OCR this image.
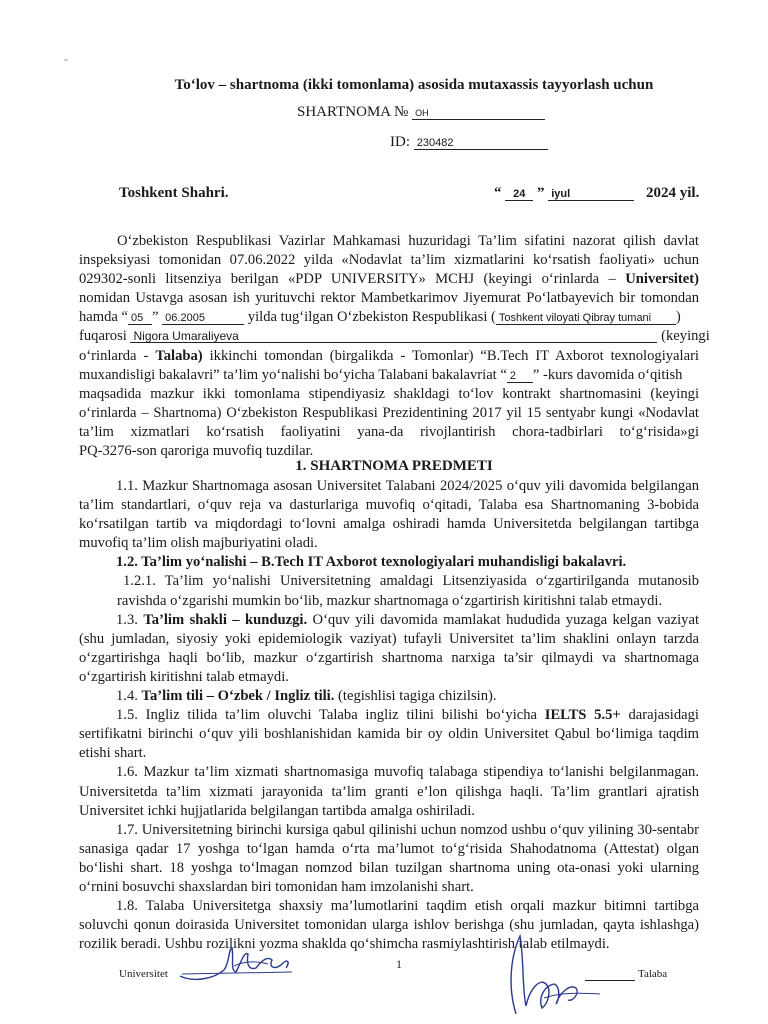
-
To‘lov – shartnoma (ikki tomonlama) asosida mutaxassis tayyorlash uchun
SHARTNOMA № OH
ID: 230482
Toshkent Shahri.	“ 24 ” iyul	2024 yil.
O‘zbekiston Respublikasi Vazirlar Mahkamasi huzuridagi Ta’lim sifatini nazorat qilish davlat
inspeksiyasi tomonidan 07.06.2022 yilda «Nodavlat ta’lim xizmatlarini ko‘rsatish faoliyati» uchun
029302-sonli litsenziya berilgan «PDP UNIVERSITY» MCHJ (keyingi o‘rinlarda – Universitet)
nomidan Ustavga asosan ish yurituvchi rektor Mambetkarimov Jiyemurat Po‘latbayevich bir tomondan
hamda “ 05 ” 06.2005	yilda tug‘ilgan O‘zbekiston Respublikasi ( Toshkent viloyati Qibray tumani )
fuqarosi Nigora Umaraliyeva	(keyingi
o‘rinlarda - Talaba) ikkinchi tomondan (birgalikda - Tomonlar) “B.Tech IT Axborot texnologiyalari
muxandisligi bakalavri” ta’lim yo‘nalishi bo‘yicha Talabani bakalavriat “ 2 ” -kurs davomida o‘qitish
maqsadida mazkur ikki tomonlama stipendiyasiz shakldagi to‘lov kontrakt shartnomasini (keyingi
o‘rinlarda – Shartnoma) O‘zbekiston Respublikasi Prezidentining 2017 yil 15 sentyabr kungi «Nodavlat
ta’lim xizmatlari ko‘rsatish faoliyatini yana-da rivojlantirish chora-tadbirlari to‘g‘risida»gi
PQ-3276-son qaroriga muvofiq tuzdilar.
1. SHARTNOMA PREDMETI
1.1. Mazkur Shartnomaga asosan Universitet Talabani 2024/2025 o‘quv yili davomida belgilangan ta’lim standartlari, o‘quv reja va dasturlariga muvofiq o‘qitadi, Talaba esa Shartnomaning 3-bobida ko‘rsatilgan tartib va miqdordagi to‘lovni amalga oshiradi hamda Universitetda belgilangan tartibga muvofiq ta’lim olish majburiyatini oladi.
1.2. Ta’lim yo‘nalishi – B.Tech IT Axborot texnologiyalari muhandisligi bakalavri.
1.2.1. Ta’lim yo‘nalishi Universitetning amaldagi Litsenziyasida o‘zgartirilganda mutanosib ravishda o‘zgarishi mumkin bo‘lib, mazkur shartnomaga o‘zgartirish kiritishni talab etmaydi.
1.3. Ta’lim shakli – kunduzgi. O‘quv yili davomida mamlakat hududida yuzaga kelgan vaziyat (shu jumladan, siyosiy yoki epidemiologik vaziyat) tufayli Universitet ta’lim shaklini onlayn tarzda o‘zgartirishga haqli bo‘lib, mazkur o‘zgartirish shartnoma narxiga ta’sir qilmaydi va shartnomaga o‘zgartirish kiritishni talab etmaydi.
1.4. Ta’lim tili – O‘zbek / Ingliz tili. (tegishlisi tagiga chizilsin).
1.5. Ingliz tilida ta’lim oluvchi Talaba ingliz tilini bilishi bo‘yicha IELTS 5.5+ darajasidagi sertifikatni birinchi o‘quv yili boshlanishidan kamida bir oy oldin Universitet Qabul bo‘limiga taqdim etishi shart.
1.6. Mazkur ta’lim xizmati shartnomasiga muvofiq talabaga stipendiya to‘lanishi belgilanmagan. Universitetda ta’lim xizmati jarayonida ta’lim granti e’lon qilishga haqli. Ta’lim grantlari ajratish Universitet ichki hujjatlarida belgilangan tartibda amalga oshiriladi.
1.7. Universitetning birinchi kursiga qabul qilinishi uchun nomzod ushbu o‘quv yilining 30-sentabr sanasiga qadar 17 yoshga to‘lgan hamda o‘rta ma’lumot to‘g‘risida Shahodatnoma (Attestat) olgan bo‘lishi shart. 18 yoshga to‘lmagan nomzod bilan tuzilgan shartnoma uning ota-onasi yoki ularning o‘rnini bosuvchi shaxslardan biri tomonidan ham imzolanishi shart.
1.8. Talaba Universitetga shaxsiy ma’lumotlarini taqdim etish orqali mazkur bitimni tartibga soluvchi qonun doirasida Universitet tomonidan ularga ishlov berishga (shu jumladan, qayta ishlashga) rozilik beradi. Ushbu rozilikni yozma shaklda qo‘shimcha rasmiylashtirish talab etilmaydi.
Universitet
1
Talaba
